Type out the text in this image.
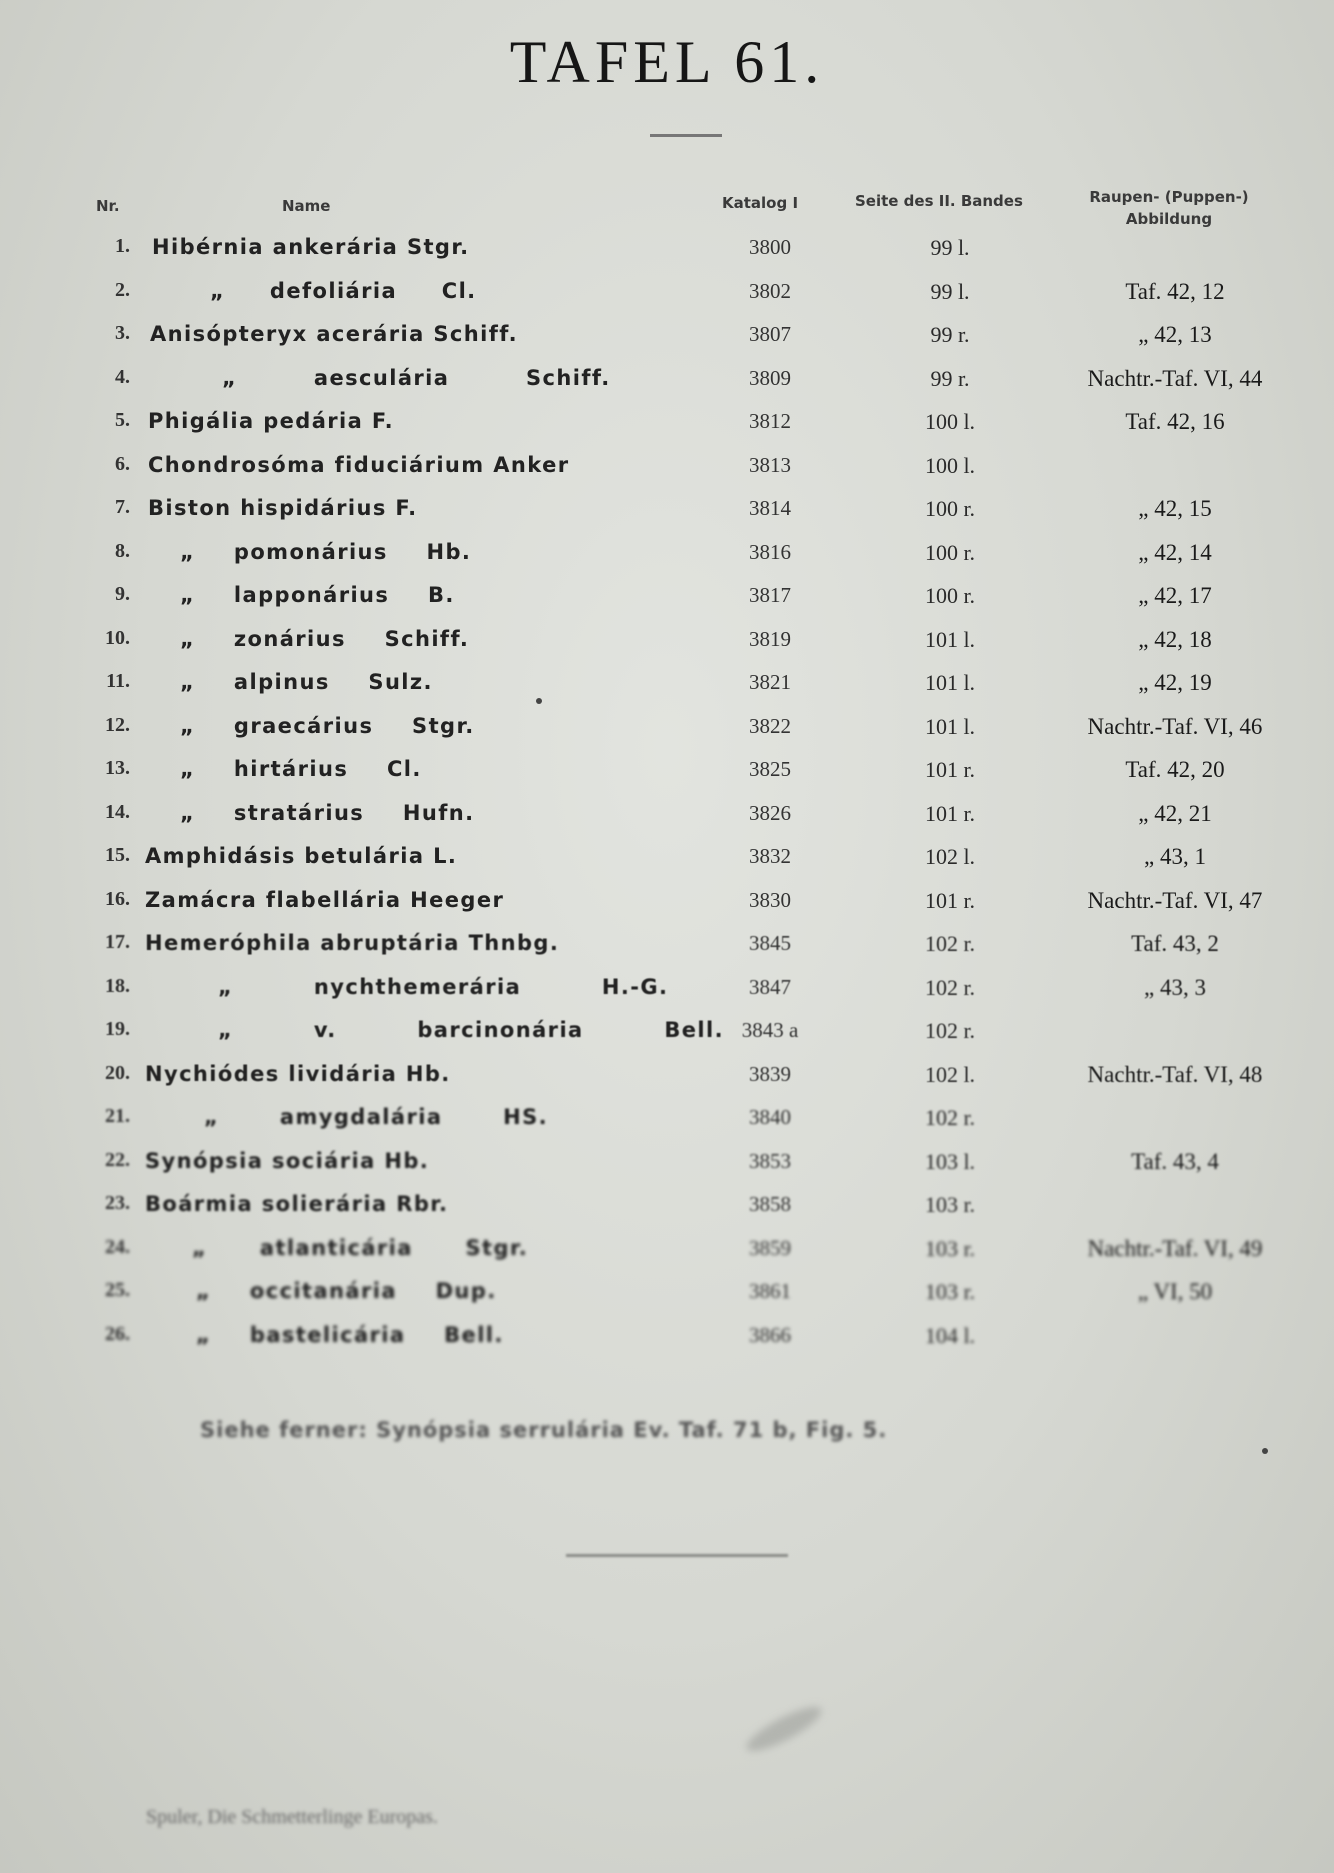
TAFEL 61.
Nr.	Name	Katalog I	Seite des II. Bandes	Raupen- (Puppen-)
Abbildung
1. Hibérnia ankerária Stgr.	3800	99 l.
2.	„ defoliária Cl.	3802	99 l.	Taf. 42, 12
3. Anisópteryx acerária Schiff.	3807	99 r.	„ 42, 13
4.	„ aesculária Schiff.	3809	99 r.	Nachtr.-Taf. VI, 44
5. Phigália pedária F.	3812	100 l.	Taf. 42, 16
6. Chondrosóma fiduciárium Anker	3813	100 l.
7. Biston hispidárius F.	3814	100 r.	„ 42, 15
8. „ pomonárius Hb.	3816	100 r.	„ 42, 14
9. „ lapponárius B.	3817	100 r.	„ 42, 17
10. „ zonárius Schiff.	3819	101 l.	„ 42, 18
11. „ alpinus Sulz.	3821	101 l.	„ 42, 19
12. „ graecárius Stgr.	3822	101 l.	Nachtr.-Taf. VI, 46
13. „ hirtárius Cl.	3825	101 r.	Taf. 42, 20
14. „ stratárius Hufn.	3826	101 r.	„ 42, 21
15. Amphidásis betulária L.	3832	102 l.	„ 43, 1
16. Zamácra flabellária Heeger	3830	101 r.	Nachtr.-Taf. VI, 47
17. Hemeróphila abruptária Thnbg.	3845	102 r.	Taf. 43, 2
18.	„ nychthemerária H.-G.	3847	102 r.	„ 43, 3
19.	„ v. barcinonária Bell. 3843 a	102 r.
20. Nychiódes lividária Hb.	3839	102 l.	Nachtr.-Taf. VI, 48
21.	„ amygdalária HS.	3840	102 r.
22. Synópsia sociária Hb.	3853	103 l.	Taf. 43, 4
23. Boármia solierária Rbr.	3858	103 r.
24.	„ atlanticária Stgr.	3859	103 r.	Nachtr.-Taf. VI, 49
25.	„ occitanária Dup.	3861	103 r.	„ VI, 50
26.	„ bastelicária Bell.	3866	104 l.
Siehe ferner: Synópsia serrulária Ev. Taf. 71 b, Fig. 5.
Spuler, Die Schmetterlinge Europas.
